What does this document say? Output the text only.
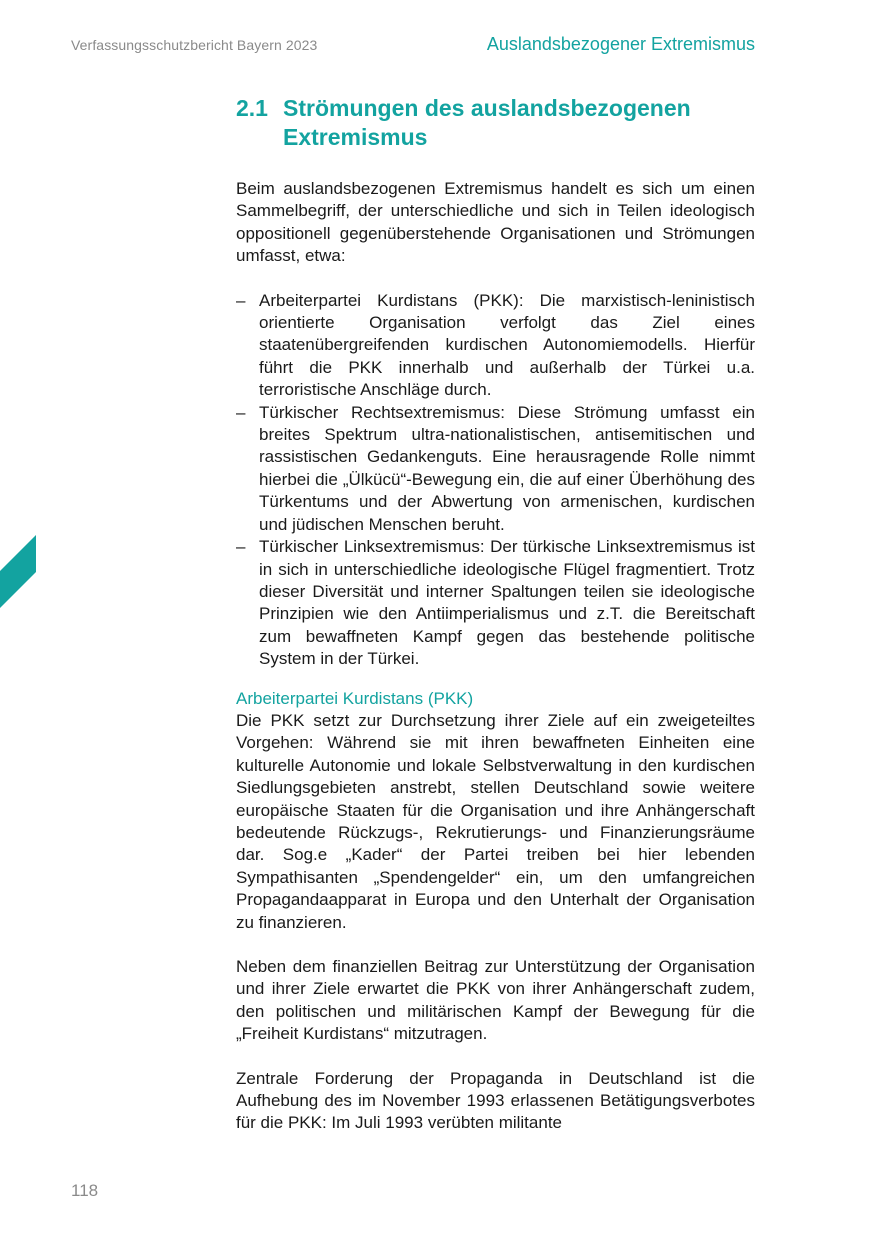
Verfassungsschutzbericht Bayern 2023	Auslandsbezogener Extremismus
2.1 Strömungen des auslandsbezogenen Extremismus

Beim auslandsbezogenen Extremismus handelt es sich um einen Sammelbegriff, der unterschiedliche und sich in Teilen ideologisch oppositionell gegenüberstehende Organisationen und Strömungen umfasst, etwa:

– Arbeiterpartei Kurdistans (PKK): Die marxistisch-leninistisch orientierte Organisation verfolgt das Ziel eines staatenübergreifenden kurdischen Autonomiemodells. Hierfür führt die PKK innerhalb und außerhalb der Türkei u.a. terroristische Anschläge durch.
– Türkischer Rechtsextremismus: Diese Strömung umfasst ein breites Spektrum ultra-nationalistischen, antisemitischen und rassistischen Gedankenguts. Eine herausragende Rolle nimmt hierbei die „Ülkücü“-Bewegung ein, die auf einer Überhöhung des Türkentums und der Abwertung von armenischen, kurdischen und jüdischen Menschen beruht.
– Türkischer Linksextremismus: Der türkische Linksextremismus ist in sich in unterschiedliche ideologische Flügel fragmentiert. Trotz dieser Diversität und interner Spaltungen teilen sie ideologische Prinzipien wie den Antiimperialismus und z.T. die Bereitschaft zum bewaffneten Kampf gegen das bestehende politische System in der Türkei.
Arbeiterpartei Kurdistans (PKK)

Die PKK setzt zur Durchsetzung ihrer Ziele auf ein zweigeteiltes Vorgehen: Während sie mit ihren bewaffneten Einheiten eine kulturelle Autonomie und lokale Selbstverwaltung in den kurdischen Siedlungsgebieten anstrebt, stellen Deutschland sowie weitere europäische Staaten für die Organisation und ihre Anhängerschaft bedeutende Rückzugs-, Rekrutierungs- und Finanzierungsräume dar. Sog.e „Kader“ der Partei treiben bei hier lebenden Sympathisanten „Spendengelder“ ein, um den umfangreichen Propagandaapparat in Europa und den Unterhalt der Organisation zu finanzieren.

Neben dem finanziellen Beitrag zur Unterstützung der Organisation und ihrer Ziele erwartet die PKK von ihrer Anhängerschaft zudem, den politischen und militärischen Kampf der Bewegung für die „Freiheit Kurdistans“ mitzutragen.

Zentrale Forderung der Propaganda in Deutschland ist die Aufhebung des im November 1993 erlassenen Betätigungsverbotes für die PKK: Im Juli 1993 verübten militante

118
